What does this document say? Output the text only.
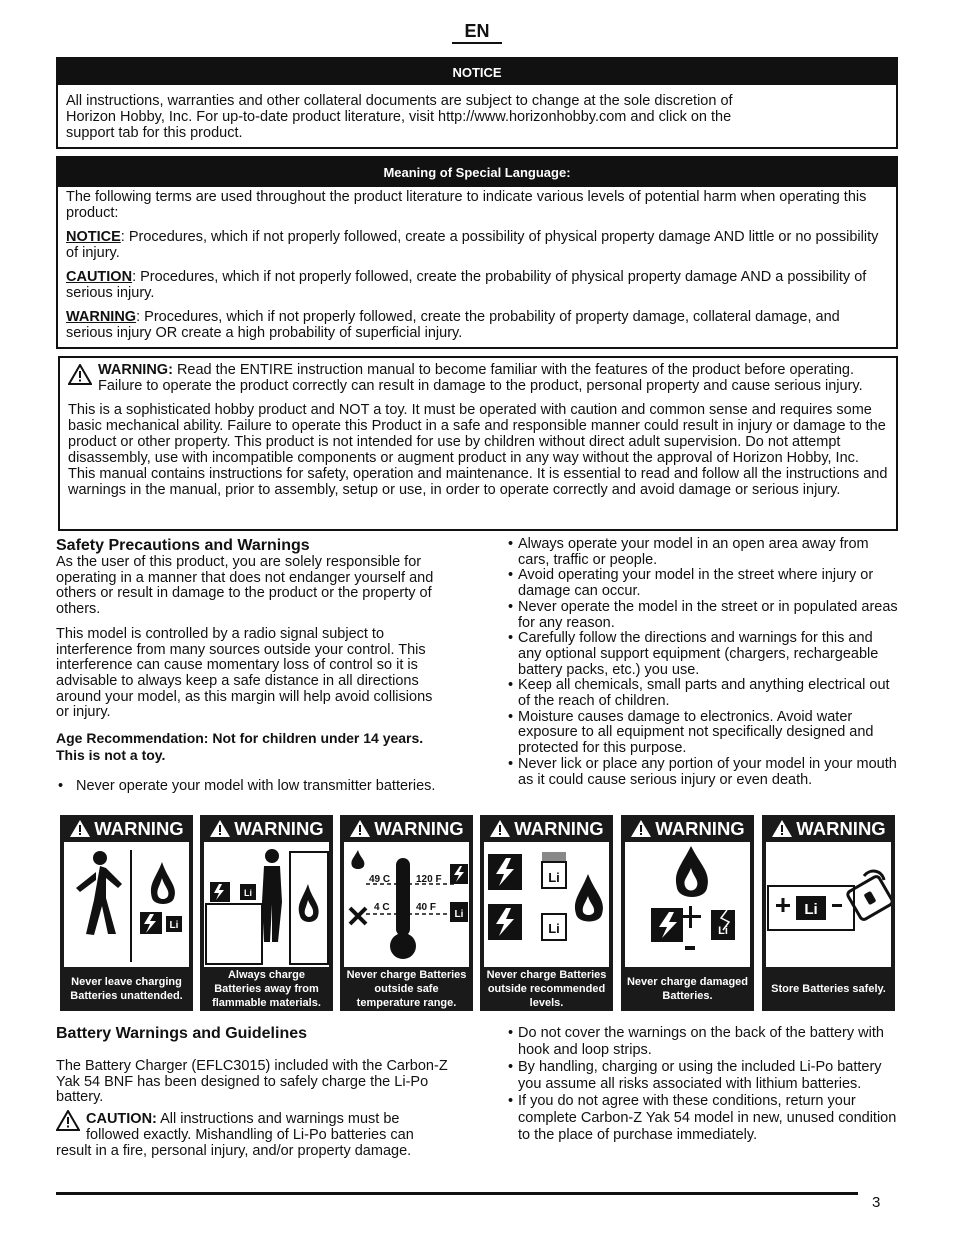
EN
NOTICE
All instructions, warranties and other collateral documents are subject to change at the sole discretion of
Horizon Hobby, Inc. For up-to-date product literature, visit http://www.horizonhobby.com and click on the
support tab for this product.
Meaning of Special Language:

The following terms are used throughout the product literature to indicate various levels of potential harm when operating this product:

NOTICE: Procedures, which if not properly followed, create a possibility of physical property damage AND little or no possibility of injury.

CAUTION: Procedures, which if not properly followed, create the probability of physical property damage AND a possibility of serious injury.

WARNING: Procedures, which if not properly followed, create the probability of property damage, collateral damage, and serious injury OR create a high probability of superficial injury.

WARNING: Read the ENTIRE instruction manual to become familiar with the features of the product before operating. Failure to operate the product correctly can result in damage to the product, personal property and cause serious injury.

This is a sophisticated hobby product and NOT a toy. It must be operated with caution and common sense and requires some basic mechanical ability. Failure to operate this Product in a safe and responsible manner could result in injury or damage to the product or other property. This product is not intended for use by children without direct adult supervision. Do not attempt disassembly, use with incompatible components or augment product in any way without the approval of Horizon Hobby, Inc. This manual contains instructions for safety, operation and maintenance. It is essential to read and follow all the instructions and warnings in the manual, prior to assembly, setup or use, in order to operate correctly and avoid damage or serious injury.

Safety Precautions and Warnings

As the user of this product, you are solely responsible for operating in a manner that does not endanger yourself and others or result in damage to the product or the property of others.

This model is controlled by a radio signal subject to interference from many sources outside your control. This interference can cause momentary loss of control so it is advisable to always keep a safe distance in all directions around your model, as this margin will help avoid collisions or injury.

Age Recommendation: Not for children under 14 years. This is not a toy.

• Never operate your model with low transmitter batteries.
• Always operate your model in an open area away from cars, traffic or people.
• Avoid operating your model in the street where injury or damage can occur.
• Never operate the model in the street or in populated areas for any reason.
• Carefully follow the directions and warnings for this and any optional support equipment (chargers, rechargeable battery packs, etc.) you use.
• Keep all chemicals, small parts and anything electrical out of the reach of children.
• Moisture causes damage to electronics. Avoid water exposure to all equipment not specifically designed and protected for this purpose.
• Never lick or place any portion of your model in your mouth as it could cause serious injury or even death.
WARNING
Li
Never leave charging Batteries unattended.
WARNING
Li
Always charge Batteries away from flammable materials.
WARNING
49 C	120 F
4 C	40 F
Li
Never charge Batteries outside safe temperature range.
WARNING
Li
Li
Never charge Batteries outside recommended levels.
WARNING
Li
Never charge damaged Batteries.
WARNING
Li
Store Batteries safely.
Battery Warnings and Guidelines

The Battery Charger (EFLC3015) included with the Carbon-Z Yak 54 BNF has been designed to safely charge the Li-Po battery.

CAUTION: All instructions and warnings must be followed exactly. Mishandling of Li-Po batteries can result in a fire, personal injury, and/or property damage.

• Do not cover the warnings on the back of the battery with hook and loop strips.
• By handling, charging or using the included Li-Po battery you assume all risks associated with lithium batteries.
• If you do not agree with these conditions, return your complete Carbon-Z Yak 54 model in new, unused condition to the place of purchase immediately.
3
